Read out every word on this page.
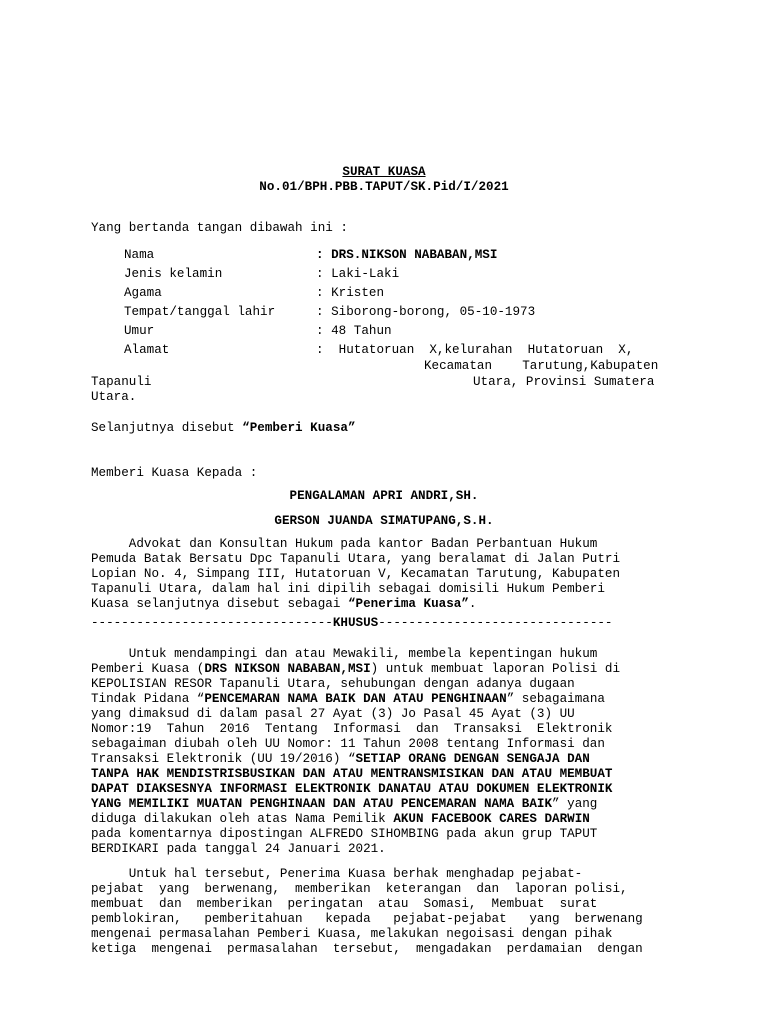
SURAT KUASA
No.01/BPH.PBB.TAPUT/SK.Pid/I/2021
Yang bertanda tangan dibawah ini :
Nama	: DRS.NIKSON NABABAN,MSI
Jenis kelamin	: Laki-Laki
Agama	: Kristen
Tempat/tanggal lahir	: Siborong-borong, 05-10-1973
Umur	: 48 Tahun
Alamat	:  Hutatoruan  X,kelurahan  Hutatoruan  X,
Kecamatan    Tarutung,Kabupaten
Tapanuli	Utara, Provinsi Sumatera
Utara.
Selanjutnya disebut “Pemberi Kuasa”
Memberi Kuasa Kepada :
PENGALAMAN APRI ANDRI,SH.
GERSON JUANDA SIMATUPANG,S.H.
Advokat dan Konsultan Hukum pada kantor Badan Perbantuan Hukum
Pemuda Batak Bersatu Dpc Tapanuli Utara, yang beralamat di Jalan Putri
Lopian No. 4, Simpang III, Hutatoruan V, Kecamatan Tarutung, Kabupaten
Tapanuli Utara, dalam hal ini dipilih sebagai domisili Hukum Pemberi
Kuasa selanjutnya disebut sebagai “Penerima Kuasa”.
--------------------------------KHUSUS-------------------------------
Untuk mendampingi dan atau Mewakili, membela kepentingan hukum
Pemberi Kuasa (DRS NIKSON NABABAN,MSI) untuk membuat laporan Polisi di
KEPOLISIAN RESOR Tapanuli Utara, sehubungan dengan adanya dugaan
Tindak Pidana “PENCEMARAN NAMA BAIK DAN ATAU PENGHINAAN” sebagaimana
yang dimaksud di dalam pasal 27 Ayat (3) Jo Pasal 45 Ayat (3) UU
Nomor:19  Tahun  2016  Tentang  Informasi  dan  Transaksi  Elektronik
sebagaiman diubah oleh UU Nomor: 11 Tahun 2008 tentang Informasi dan
Transaksi Elektronik (UU 19/2016) “SETIAP ORANG DENGAN SENGAJA DAN
TANPA HAK MENDISTRISBUSIKAN DAN ATAU MENTRANSMISIKAN DAN ATAU MEMBUAT
DAPAT DIAKSESNYA INFORMASI ELEKTRONIK DANATAU ATAU DOKUMEN ELEKTRONIK
YANG MEMILIKI MUATAN PENGHINAAN DAN ATAU PENCEMARAN NAMA BAIK” yang
diduga dilakukan oleh atas Nama Pemilik AKUN FACEBOOK CARES DARWIN
pada komentarnya dipostingan ALFREDO SIHOMBING pada akun grup TAPUT
BERDIKARI pada tanggal 24 Januari 2021.
Untuk hal tersebut, Penerima Kuasa berhak menghadap pejabat-
pejabat  yang  berwenang,  memberikan  keterangan  dan  laporan polisi,
membuat  dan  memberikan  peringatan  atau  Somasi,  Membuat  surat
pemblokiran,   pemberitahuan   kepada   pejabat-pejabat   yang  berwenang
mengenai permasalahan Pemberi Kuasa, melakukan negoisasi dengan pihak
ketiga  mengenai  permasalahan  tersebut,  mengadakan  perdamaian  dengan
